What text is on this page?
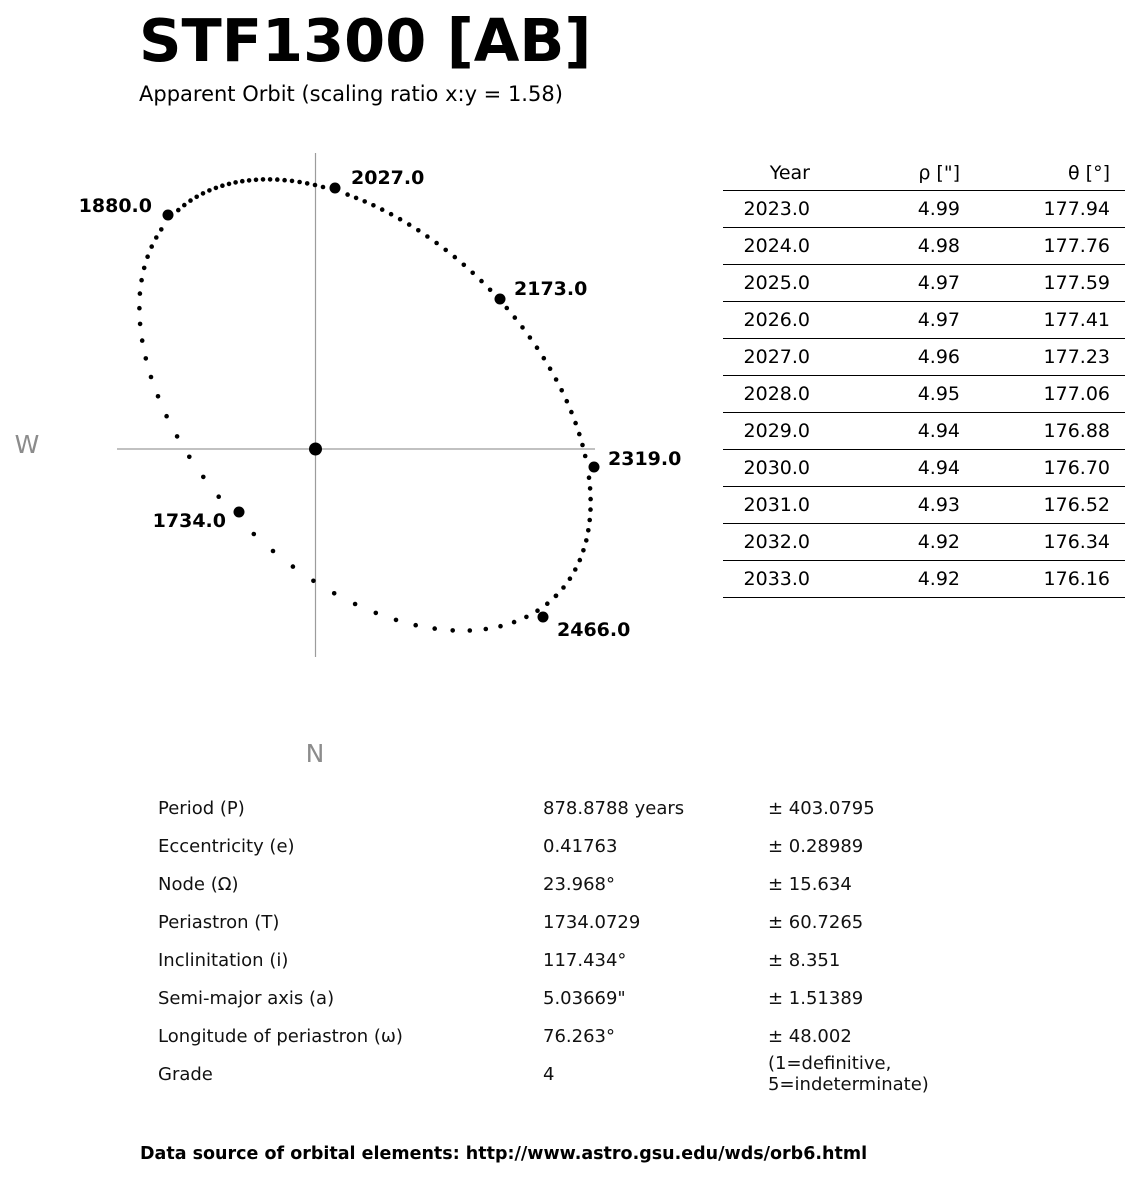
STF1300 [AB]
Apparent Orbit (scaling ratio x:y = 1.58)
1880.0
2027.0
2173.0
2319.0
2466.0
1734.0
W
N
Year	ρ ["]	θ [°]
2023.0	4.99	177.94
2024.0	4.98	177.76
2025.0	4.97	177.59
2026.0	4.97	177.41
2027.0	4.96	177.23
2028.0	4.95	177.06
2029.0	4.94	176.88
2030.0	4.94	176.70
2031.0	4.93	176.52
2032.0	4.92	176.34
2033.0	4.92	176.16
Period (P)	878.8788 years	± 403.0795
Eccentricity (e)	0.41763	± 0.28989
Node (Ω)	23.968°	± 15.634
Periastron (T)	1734.0729	± 60.7265
Inclinitation (i)	117.434°	± 8.351
Semi-major axis (a)	5.03669"	± 1.51389
Longitude of periastron (ω)	76.263°	± 48.002
Grade	4	(1=definitive, 5=indeterminate)
Data source of orbital elements: http://www.astro.gsu.edu/wds/orb6.html
